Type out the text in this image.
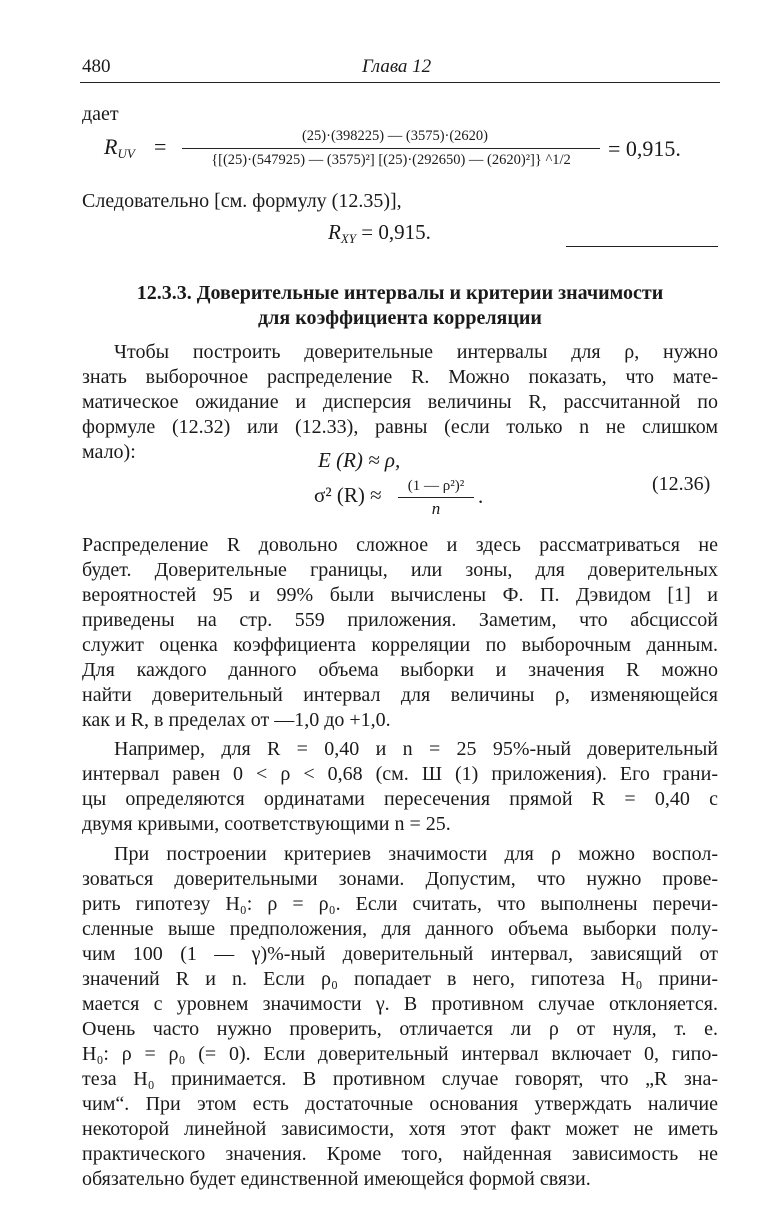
480	Глава 12
дает
$R_{UV}$ =	(25)·(398225) — (3575)·(2620)
{[(25)·(547925) — (3575)²] [(25)·(292650) — (2620)²]} ^1/2	= 0,915.
Следовательно [см. формулу (12.35)],
$R_{XY} = 0,915$.
12.3.3. Доверительные интервалы и критерии значимости
для коэффициента корреляции
Чтобы построить доверительные интервалы для ρ, нужно
знать выборочное распределение R. Можно показать, что мате-
матическое ожидание и дисперсия величины R, рассчитанной по
формуле (12.32) или (12.33), равны (если только n не слишком
мало):	E (R) ≈ ρ,
σ² (R) ≈	(1 — ρ²)²
n
.	(12.36)
Распределение R довольно сложное и здесь рассматриваться не
будет. Доверительные границы, или зоны, для доверительных
вероятностей 95 и 99% были вычислены Ф. П. Дэвидом [1] и
приведены на стр. 559 приложения. Заметим, что абсциссой
служит оценка коэффициента корреляции по выборочным данным.
Для каждого данного объема выборки и значения R можно
найти доверительный интервал для величины ρ, изменяющейся
как и R, в пределах от —1,0 до +1,0.
Например, для R = 0,40 и n = 25 95%-ный доверительный
интервал равен 0 < ρ < 0,68 (см. Ш (1) приложения). Его грани-
цы определяются ординатами пересечения прямой R = 0,40 с
двумя кривыми, соответствующими n = 25.
При построении критериев значимости для ρ можно воспол-
зоваться доверительными зонами. Допустим, что нужно прове-
рить гипотезу H₀: ρ = ρ₀. Если считать, что выполнены перечи-
сленные выше предположения, для данного объема выборки полу-
чим 100 (1 — γ)%-ный доверительный интервал, зависящий от
значений R и n. Если ρ₀ попадает в него, гипотеза H₀ прини-
мается с уровнем значимости γ. В противном случае отклоняется.
Очень часто нужно проверить, отличается ли ρ от нуля, т. е.
H₀: ρ = ρ₀ (= 0). Если доверительный интервал включает 0, гипо-
теза H₀ принимается. В противном случае говорят, что „R зна-
чим“. При этом есть достаточные основания утверждать наличие
некоторой линейной зависимости, хотя этот факт может не иметь
практического значения. Кроме того, найденная зависимость не
обязательно будет единственной имеющейся формой связи.
